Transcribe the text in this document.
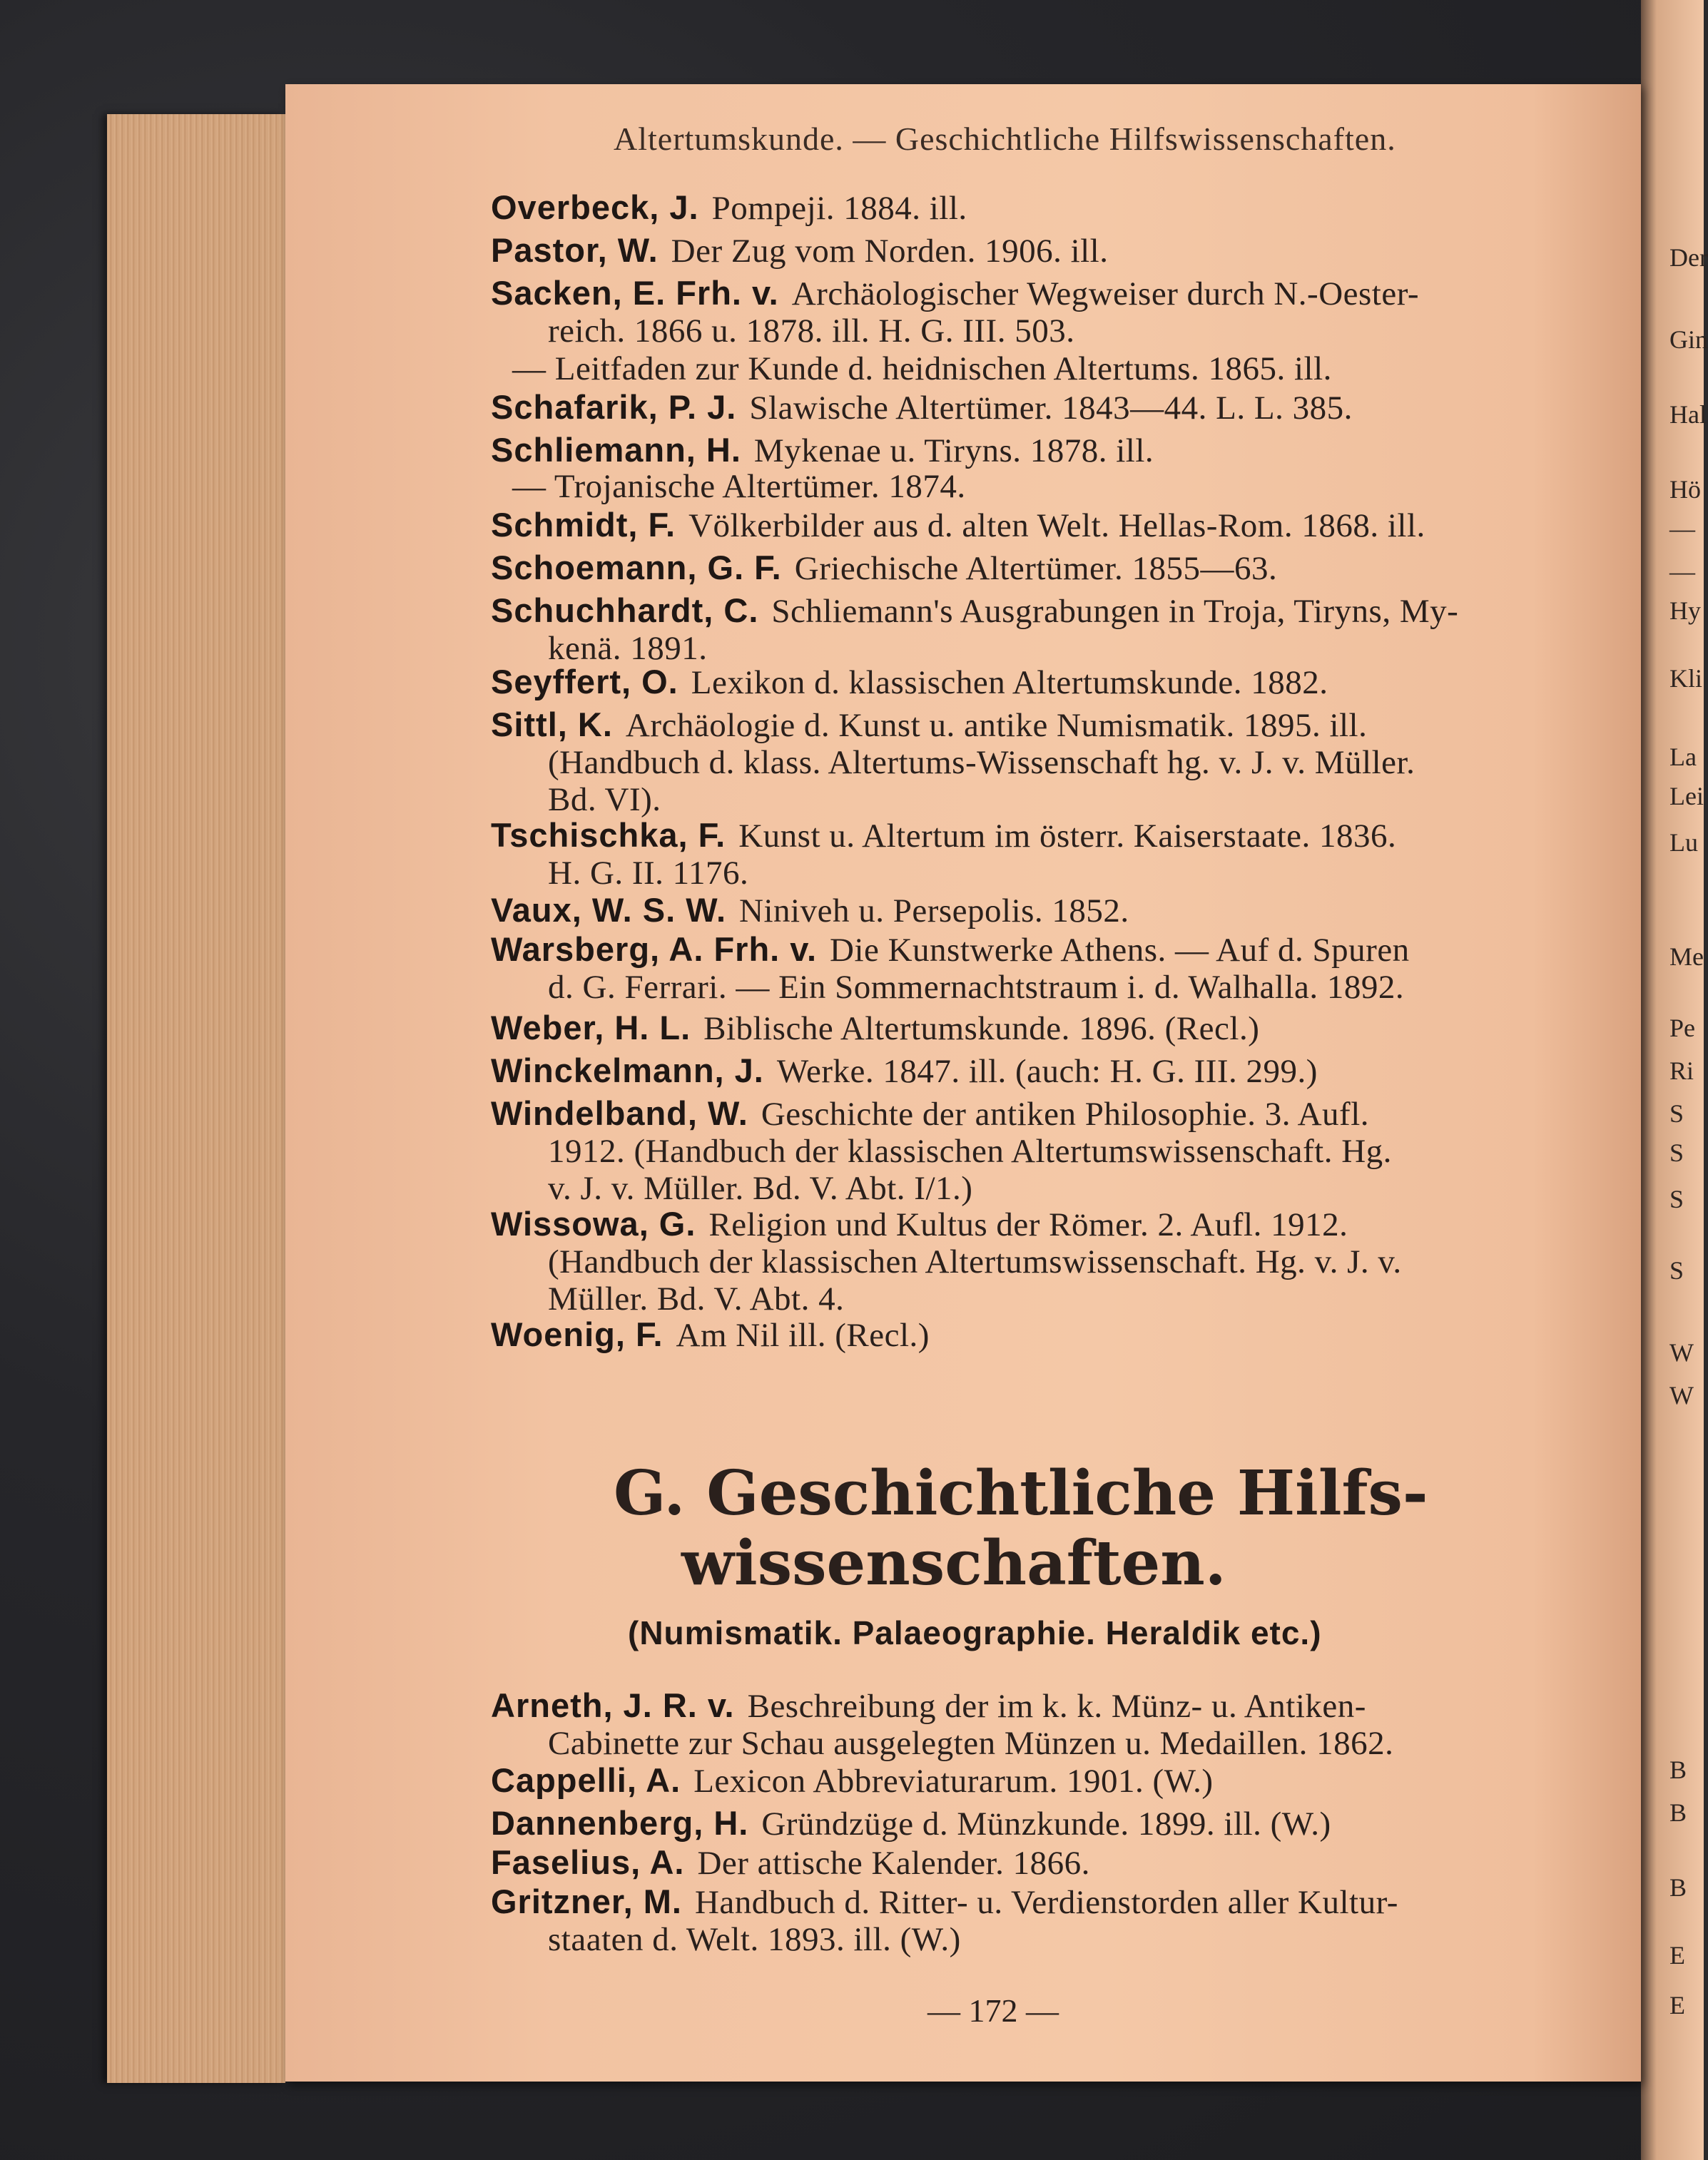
Altertumskunde. — Geschichtliche Hilfswissenschaften.
Overbeck, J. Pompeji. 1884. ill.
Pastor, W. Der Zug vom Norden. 1906. ill.
Sacken, E. Frh. v. Archäologischer Wegweiser durch N.-Oester-
reich. 1866 u. 1878. ill. H. G. III. 503.
— Leitfaden zur Kunde d. heidnischen Altertums. 1865. ill.
Schafarik, P. J. Slawische Altertümer. 1843—44. L. L. 385.
Schliemann, H. Mykenae u. Tiryns. 1878. ill.
— Trojanische Altertümer. 1874.
Schmidt, F. Völkerbilder aus d. alten Welt. Hellas-Rom. 1868. ill.
Schoemann, G. F. Griechische Altertümer. 1855—63.
Schuchhardt, C. Schliemann's Ausgrabungen in Troja, Tiryns, My-
kenä. 1891.
Seyffert, O. Lexikon d. klassischen Altertumskunde. 1882.
Sittl, K. Archäologie d. Kunst u. antike Numismatik. 1895. ill.
(Handbuch d. klass. Altertums-Wissenschaft hg. v. J. v. Müller.
Bd. VI).
Tschischka, F. Kunst u. Altertum im österr. Kaiserstaate. 1836.
H. G. II. 1176.
Vaux, W. S. W. Niniveh u. Persepolis. 1852.
Warsberg, A. Frh. v. Die Kunstwerke Athens. — Auf d. Spuren
d. G. Ferrari. — Ein Sommernachtstraum i. d. Walhalla. 1892.
Weber, H. L. Biblische Altertumskunde. 1896. (Recl.)
Winckelmann, J. Werke. 1847. ill. (auch: H. G. III. 299.)
Windelband, W. Geschichte der antiken Philosophie. 3. Aufl.
1912. (Handbuch der klassischen Altertumswissenschaft. Hg.
v. J. v. Müller. Bd. V. Abt. I/1.)
Wissowa, G. Religion und Kultus der Römer. 2. Aufl. 1912.
(Handbuch der klassischen Altertumswissenschaft. Hg. v. J. v.
Müller. Bd. V. Abt. 4.
Woenig, F. Am Nil ill. (Recl.)
G. Geschichtliche Hilfs-
wissenschaften.
(Numismatik. Palaeographie. Heraldik etc.)
Arneth, J. R. v. Beschreibung der im k. k. Münz- u. Antiken-
Cabinette zur Schau ausgelegten Münzen u. Medaillen. 1862.
Cappelli, A. Lexicon Abbreviaturarum. 1901. (W.)
Dannenberg, H. Gründzüge d. Münzkunde. 1899. ill. (W.)
Faselius, A. Der attische Kalender. 1866.
Gritzner, M. Handbuch d. Ritter- u. Verdienstorden aller Kultur-
staaten d. Welt. 1893. ill. (W.)
— 172 —
Der
Gin
Hal
Hö
—
—
Hy
Kli
La
Lei
Lu
Me
Pe
Ri
S
S
S
S
W
W
B
B
B
E
E
